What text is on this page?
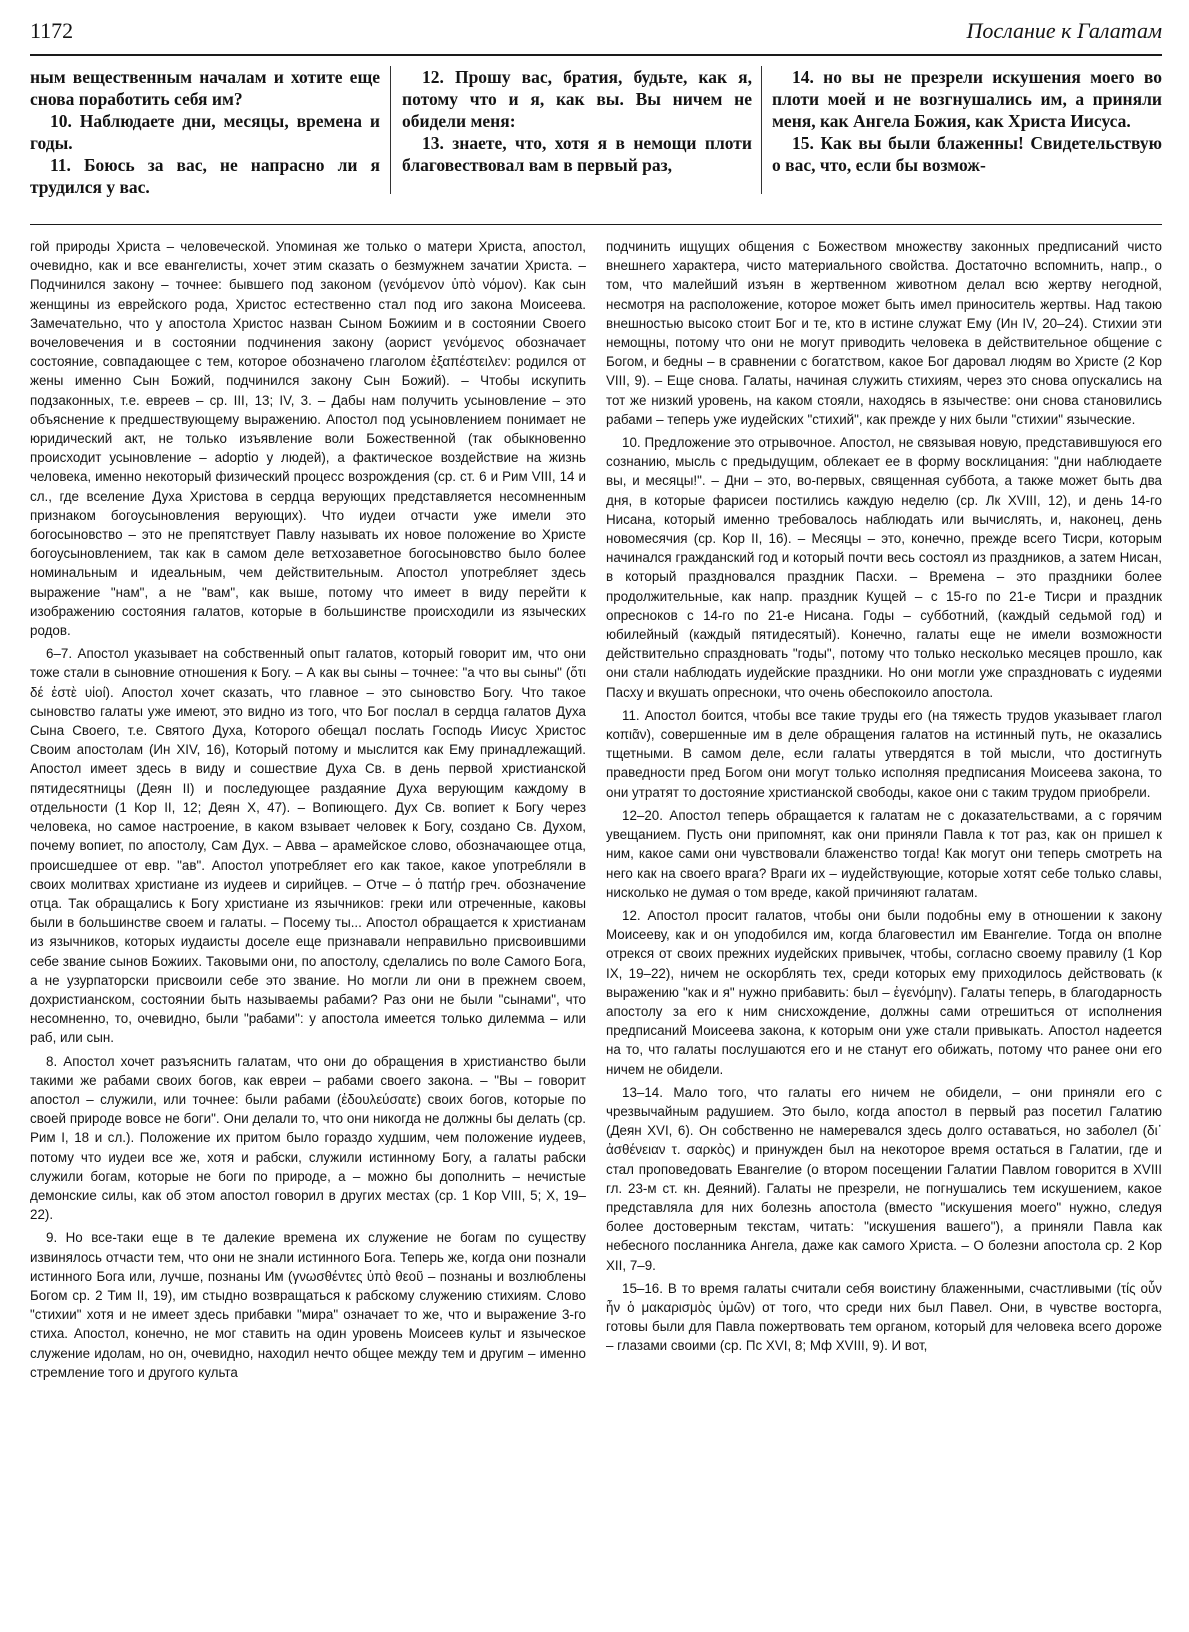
1172	Послание к Галатам

ным вещественным началам и хотите еще снова поработить себя им?

10. Наблюдаете дни, месяцы, времена и годы.

11. Боюсь за вас, не напрасно ли я трудился у вас.

12. Прошу вас, братия, будьте, как я, потому что и я, как вы. Вы ничем не обидели меня:

13. знаете, что, хотя я в немощи плоти благовествовал вам в первый раз,

14. но вы не презрели искушения моего во плоти моей и не возгнушались им, а приняли меня, как Ангела Божия, как Христа Иисуса.

15. Как вы были блаженны! Свидетельствую о вас, что, если бы возмож-

гой природы Христа – человеческой. Упоминая же только о матери Христа, апостол, очевидно, как и все евангелисты, хочет этим сказать о безмужнем зачатии Христа. – Подчинился закону – точнее: бывшего под законом (γενόμενον ὑπὸ νόμον). Как сын женщины из еврейского рода, Христос естественно стал под иго закона Моисеева. Замечательно, что у апостола Христос назван Сыном Божиим и в состоянии Своего вочеловечения и в состоянии подчинения закону (аорист γενόμενος обозначает состояние, совпадающее с тем, которое обозначено глаголом ἐξαπέστειλεν: родился от жены именно Сын Божий, подчинился закону Сын Божий). – Чтобы искупить подзаконных, т.е. евреев – ср. III, 13; IV, 3. – Дабы нам получить усыновление – это объяснение к предшествующему выражению. Апостол под усыновлением понимает не юридический акт, не только изъявление воли Божественной (так обыкновенно происходит усыновление – adoptio у людей), а фактическое воздействие на жизнь человека, именно некоторый физический процесс возрождения (ср. ст. 6 и Рим VIII, 14 и сл., где вселение Духа Христова в сердца верующих представляется несомненным признаком богоусыновления верующих). Что иудеи отчасти уже имели это богосыновство – это не препятствует Павлу называть их новое положение во Христе богоусыновлением, так как в самом деле ветхозаветное богосыновство было более номинальным и идеальным, чем действительным. Апостол употребляет здесь выражение "нам", а не "вам", как выше, потому что имеет в виду перейти к изображению состояния галатов, которые в большинстве происходили из языческих родов.

6–7. Апостол указывает на собственный опыт галатов, который говорит им, что они тоже стали в сыновние отношения к Богу. – А как вы сыны – точнее: "а что вы сыны" (ὅτι δέ ἐστὲ υἱοί). Апостол хочет сказать, что главное – это сыновство Богу. Что такое сыновство галаты уже имеют, это видно из того, что Бог послал в сердца галатов Духа Сына Своего, т.е. Святого Духа, Которого обещал послать Господь Иисус Христос Своим апостолам (Ин XIV, 16), Который потому и мыслится как Ему принадлежащий. Апостол имеет здесь в виду и сошествие Духа Св. в день первой христианской пятидесятницы (Деян II) и последующее раздаяние Духа верующим каждому в отдельности (1 Кор II, 12; Деян X, 47). – Вопиющего. Дух Св. вопиет к Богу через человека, но самое настроение, в каком взывает человек к Богу, создано Св. Духом, почему вопиет, по апостолу, Сам Дух. – Авва – арамейское слово, обозначающее отца, происшедшее от евр. "ав". Апостол употребляет его как такое, какое употребляли в своих молитвах христиане из иудеев и сирийцев. – Отче – ὁ πατήρ греч. обозначение отца. Так обращались к Богу христиане из язычников: греки или отреченные, каковы были в большинстве своем и галаты. – Посему ты... Апостол обращается к христианам из язычников, которых иудаисты доселе еще признавали неправильно присвоившими себе звание сынов Божиих. Таковыми они, по апостолу, сделались по воле Самого Бога, а не узурпаторски присвоили себе это звание. Но могли ли они в прежнем своем, дохристианском, состоянии быть называемы рабами? Раз они не были "сынами", что несомненно, то, очевидно, были "рабами": у апостола имеется только дилемма – или раб, или сын.

8. Апостол хочет разъяснить галатам, что они до обращения в христианство были такими же рабами своих богов, как евреи – рабами своего закона. – "Вы – говорит апостол – служили, или точнее: были рабами (ἐδουλεύσατε) своих богов, которые по своей природе вовсе не боги". Они делали то, что они никогда не должны бы делать (ср. Рим I, 18 и сл.). Положение их притом было гораздо худшим, чем положение иудеев, потому что иудеи все же, хотя и рабски, служили истинному Богу, а галаты рабски служили богам, которые не боги по природе, а – можно бы дополнить – нечистые демонские силы, как об этом апостол говорил в других местах (ср. 1 Кор VIII, 5; X, 19–22).

9. Но все-таки еще в те далекие времена их служение не богам по существу извинялось отчасти тем, что они не знали истинного Бога. Теперь же, когда они познали истинного Бога или, лучше, познаны Им (γνωσθέντες ὑπὸ θεοῦ – познаны и возлюблены Богом ср. 2 Тим II, 19), им стыдно возвращаться к рабскому служению стихиям. Слово "стихии" хотя и не имеет здесь прибавки "мира" означает то же, что и выражение 3-го стиха. Апостол, конечно, не мог ставить на один уровень Моисеев культ и языческое служение идолам, но он, очевидно, находил нечто общее между тем и другим – именно стремление того и другого культа

подчинить ищущих общения с Божеством множеству законных предписаний чисто внешнего характера, чисто материального свойства. Достаточно вспомнить, напр., о том, что малейший изъян в жертвенном животном делал всю жертву негодной, несмотря на расположение, которое может быть имел приноситель жертвы. Над такою внешностью высоко стоит Бог и те, кто в истине служат Ему (Ин IV, 20–24). Стихии эти немощны, потому что они не могут приводить человека в действительное общение с Богом, и бедны – в сравнении с богатством, какое Бог даровал людям во Христе (2 Кор VIII, 9). – Еще снова. Галаты, начиная служить стихиям, через это снова опускались на тот же низкий уровень, на каком стояли, находясь в язычестве: они снова становились рабами – теперь уже иудейских "стихий", как прежде у них были "стихии" языческие.

10. Предложение это отрывочное. Апостол, не связывая новую, представившуюся его сознанию, мысль с предыдущим, облекает ее в форму восклицания: "дни наблюдаете вы, и месяцы!". – Дни – это, во-первых, священная суббота, а также может быть два дня, в которые фарисеи постились каждую неделю (ср. Лк XVIII, 12), и день 14-го Нисана, который именно требовалось наблюдать или вычислять, и, наконец, день новомесячия (ср. Кор II, 16). – Месяцы – это, конечно, прежде всего Тисри, которым начинался гражданский год и который почти весь состоял из праздников, а затем Нисан, в который праздновался праздник Пасхи. – Времена – это праздники более продолжительные, как напр. праздник Кущей – с 15-го по 21-е Тисри и праздник опресноков с 14-го по 21-е Нисана. Годы – субботний, (каждый седьмой год) и юбилейный (каждый пятидесятый). Конечно, галаты еще не имели возможности действительно спраздновать "годы", потому что только несколько месяцев прошло, как они стали наблюдать иудейские праздники. Но они могли уже спраздновать с иудеями Пасху и вкушать опресноки, что очень обеспокоило апостола.

11. Апостол боится, чтобы все такие труды его (на тяжесть трудов указывает глагол κοπιᾶν), совершенные им в деле обращения галатов на истинный путь, не оказались тщетными. В самом деле, если галаты утвердятся в той мысли, что достигнуть праведности пред Богом они могут только исполняя предписания Моисеева закона, то они утратят то достояние христианской свободы, какое они с таким трудом приобрели.

12–20. Апостол теперь обращается к галатам не с доказательствами, а с горячим увещанием. Пусть они припомнят, как они приняли Павла к тот раз, как он пришел к ним, какое сами они чувствовали блаженство тогда! Как могут они теперь смотреть на него как на своего врага? Враги их – иудействующие, которые хотят себе только славы, нисколько не думая о том вреде, какой причиняют галатам.

12. Апостол просит галатов, чтобы они были подобны ему в отношении к закону Моисееву, как и он уподобился им, когда благовестил им Евангелие. Тогда он вполне отрекся от своих прежних иудейских привычек, чтобы, согласно своему правилу (1 Кор IX, 19–22), ничем не оскорблять тех, среди которых ему приходилось действовать (к выражению "как и я" нужно прибавить: был – ἐγενόμην). Галаты теперь, в благодарность апостолу за его к ним снисхождение, должны сами отрешиться от исполнения предписаний Моисеева закона, к которым они уже стали привыкать. Апостол надеется на то, что галаты послушаются его и не станут его обижать, потому что ранее они его ничем не обидели.

13–14. Мало того, что галаты его ничем не обидели, – они приняли его с чрезвычайным радушием. Это было, когда апостол в первый раз посетил Галатию (Деян XVI, 6). Он собственно не намеревался здесь долго оставаться, но заболел (δι᾽ ἀσθένειαν τ. σαρκὸς) и принужден был на некоторое время остаться в Галатии, где и стал проповедовать Евангелие (о втором посещении Галатии Павлом говорится в XVIII гл. 23-м ст. кн. Деяний). Галаты не презрели, не погнушались тем искушением, какое представляла для них болезнь апостола (вместо "искушения моего" нужно, следуя более достоверным текстам, читать: "искушения вашего"), а приняли Павла как небесного посланника Ангела, даже как самого Христа. – О болезни апостола ср. 2 Кор XII, 7–9.

15–16. В то время галаты считали себя воистину блаженными, счастливыми (τίς οὖν ἦν ὁ μακαρισμὸς ὑμῶν) от того, что среди них был Павел. Они, в чувстве восторга, готовы были для Павла пожертвовать тем органом, который для человека всего дороже – глазами своими (ср. Пс XVI, 8; Мф XVIII, 9). И вот,
